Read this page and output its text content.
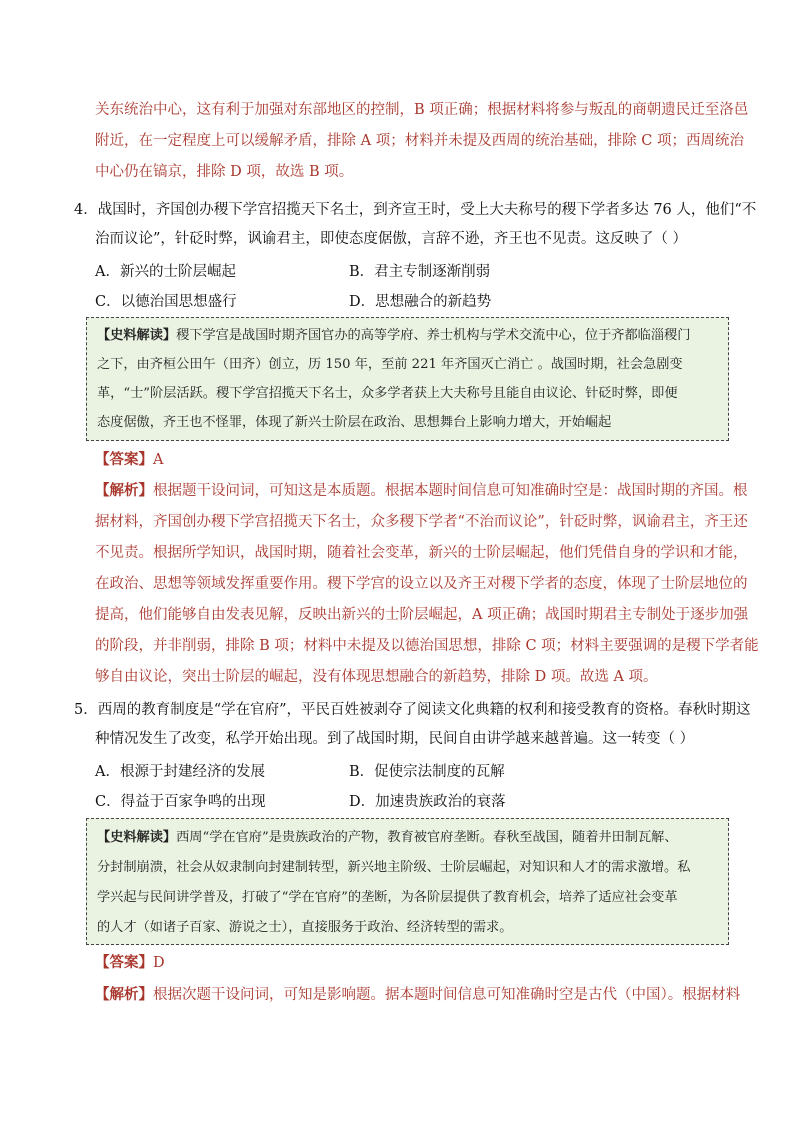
关东统治中心，这有利于加强对东部地区的控制，B 项正确；根据材料将参与叛乱的商朝遗民迁至洛邑
附近，在一定程度上可以缓解矛盾，排除 A 项；材料并未提及西周的统治基础，排除 C 项；西周统治
中心仍在镐京，排除 D 项，故选 B 项。
4．战国时，齐国创办稷下学宫招揽天下名士，到齐宣王时，受上大夫称号的稷下学者多达 76 人，他们“不
治而议论”，针砭时弊，讽谕君主，即使态度倨傲，言辞不逊，齐王也不见责。这反映了（ ）
A．新兴的士阶层崛起	B．君主专制逐渐削弱
C．以德治国思想盛行	D．思想融合的新趋势
【史料解读】稷下学宫是战国时期齐国官办的高等学府、养士机构与学术交流中心，位于齐都临淄稷门
之下，由齐桓公田午（田齐）创立，历 150 年，至前 221 年齐国灭亡消亡 。战国时期，社会急剧变
革，“士”阶层活跃。稷下学宫招揽天下名士，众多学者获上大夫称号且能自由议论、针砭时弊，即便
态度倨傲，齐王也不怪罪，体现了新兴士阶层在政治、思想舞台上影响力增大，开始崛起
【答案】A
【解析】根据题干设问词，可知这是本质题。根据本题时间信息可知准确时空是：战国时期的齐国。根
据材料，齐国创办稷下学宫招揽天下名士，众多稷下学者“不治而议论”，针砭时弊，讽谕君主，齐王还
不见责。根据所学知识，战国时期，随着社会变革，新兴的士阶层崛起，他们凭借自身的学识和才能，
在政治、思想等领域发挥重要作用。稷下学宫的设立以及齐王对稷下学者的态度，体现了士阶层地位的
提高，他们能够自由发表见解，反映出新兴的士阶层崛起，A 项正确；战国时期君主专制处于逐步加强
的阶段，并非削弱，排除 B 项；材料中未提及以德治国思想，排除 C 项；材料主要强调的是稷下学者能
够自由议论，突出士阶层的崛起，没有体现思想融合的新趋势，排除 D 项。故选 A 项。
5．西周的教育制度是“学在官府”，平民百姓被剥夺了阅读文化典籍的权利和接受教育的资格。春秋时期这
种情况发生了改变，私学开始出现。到了战国时期，民间自由讲学越来越普遍。这一转变（ ）
A．根源于封建经济的发展	B．促使宗法制度的瓦解
C．得益于百家争鸣的出现	D．加速贵族政治的衰落
【史料解读】西周“学在官府”是贵族政治的产物，教育被官府垄断。春秋至战国，随着井田制瓦解、
分封制崩溃，社会从奴隶制向封建制转型，新兴地主阶级、士阶层崛起，对知识和人才的需求激增。私
学兴起与民间讲学普及，打破了“学在官府”的垄断，为各阶层提供了教育机会，培养了适应社会变革
的人才（如诸子百家、游说之士），直接服务于政治、经济转型的需求。
【答案】D
【解析】根据次题干设问词，可知是影响题。据本题时间信息可知准确时空是古代（中国）。根据材料
